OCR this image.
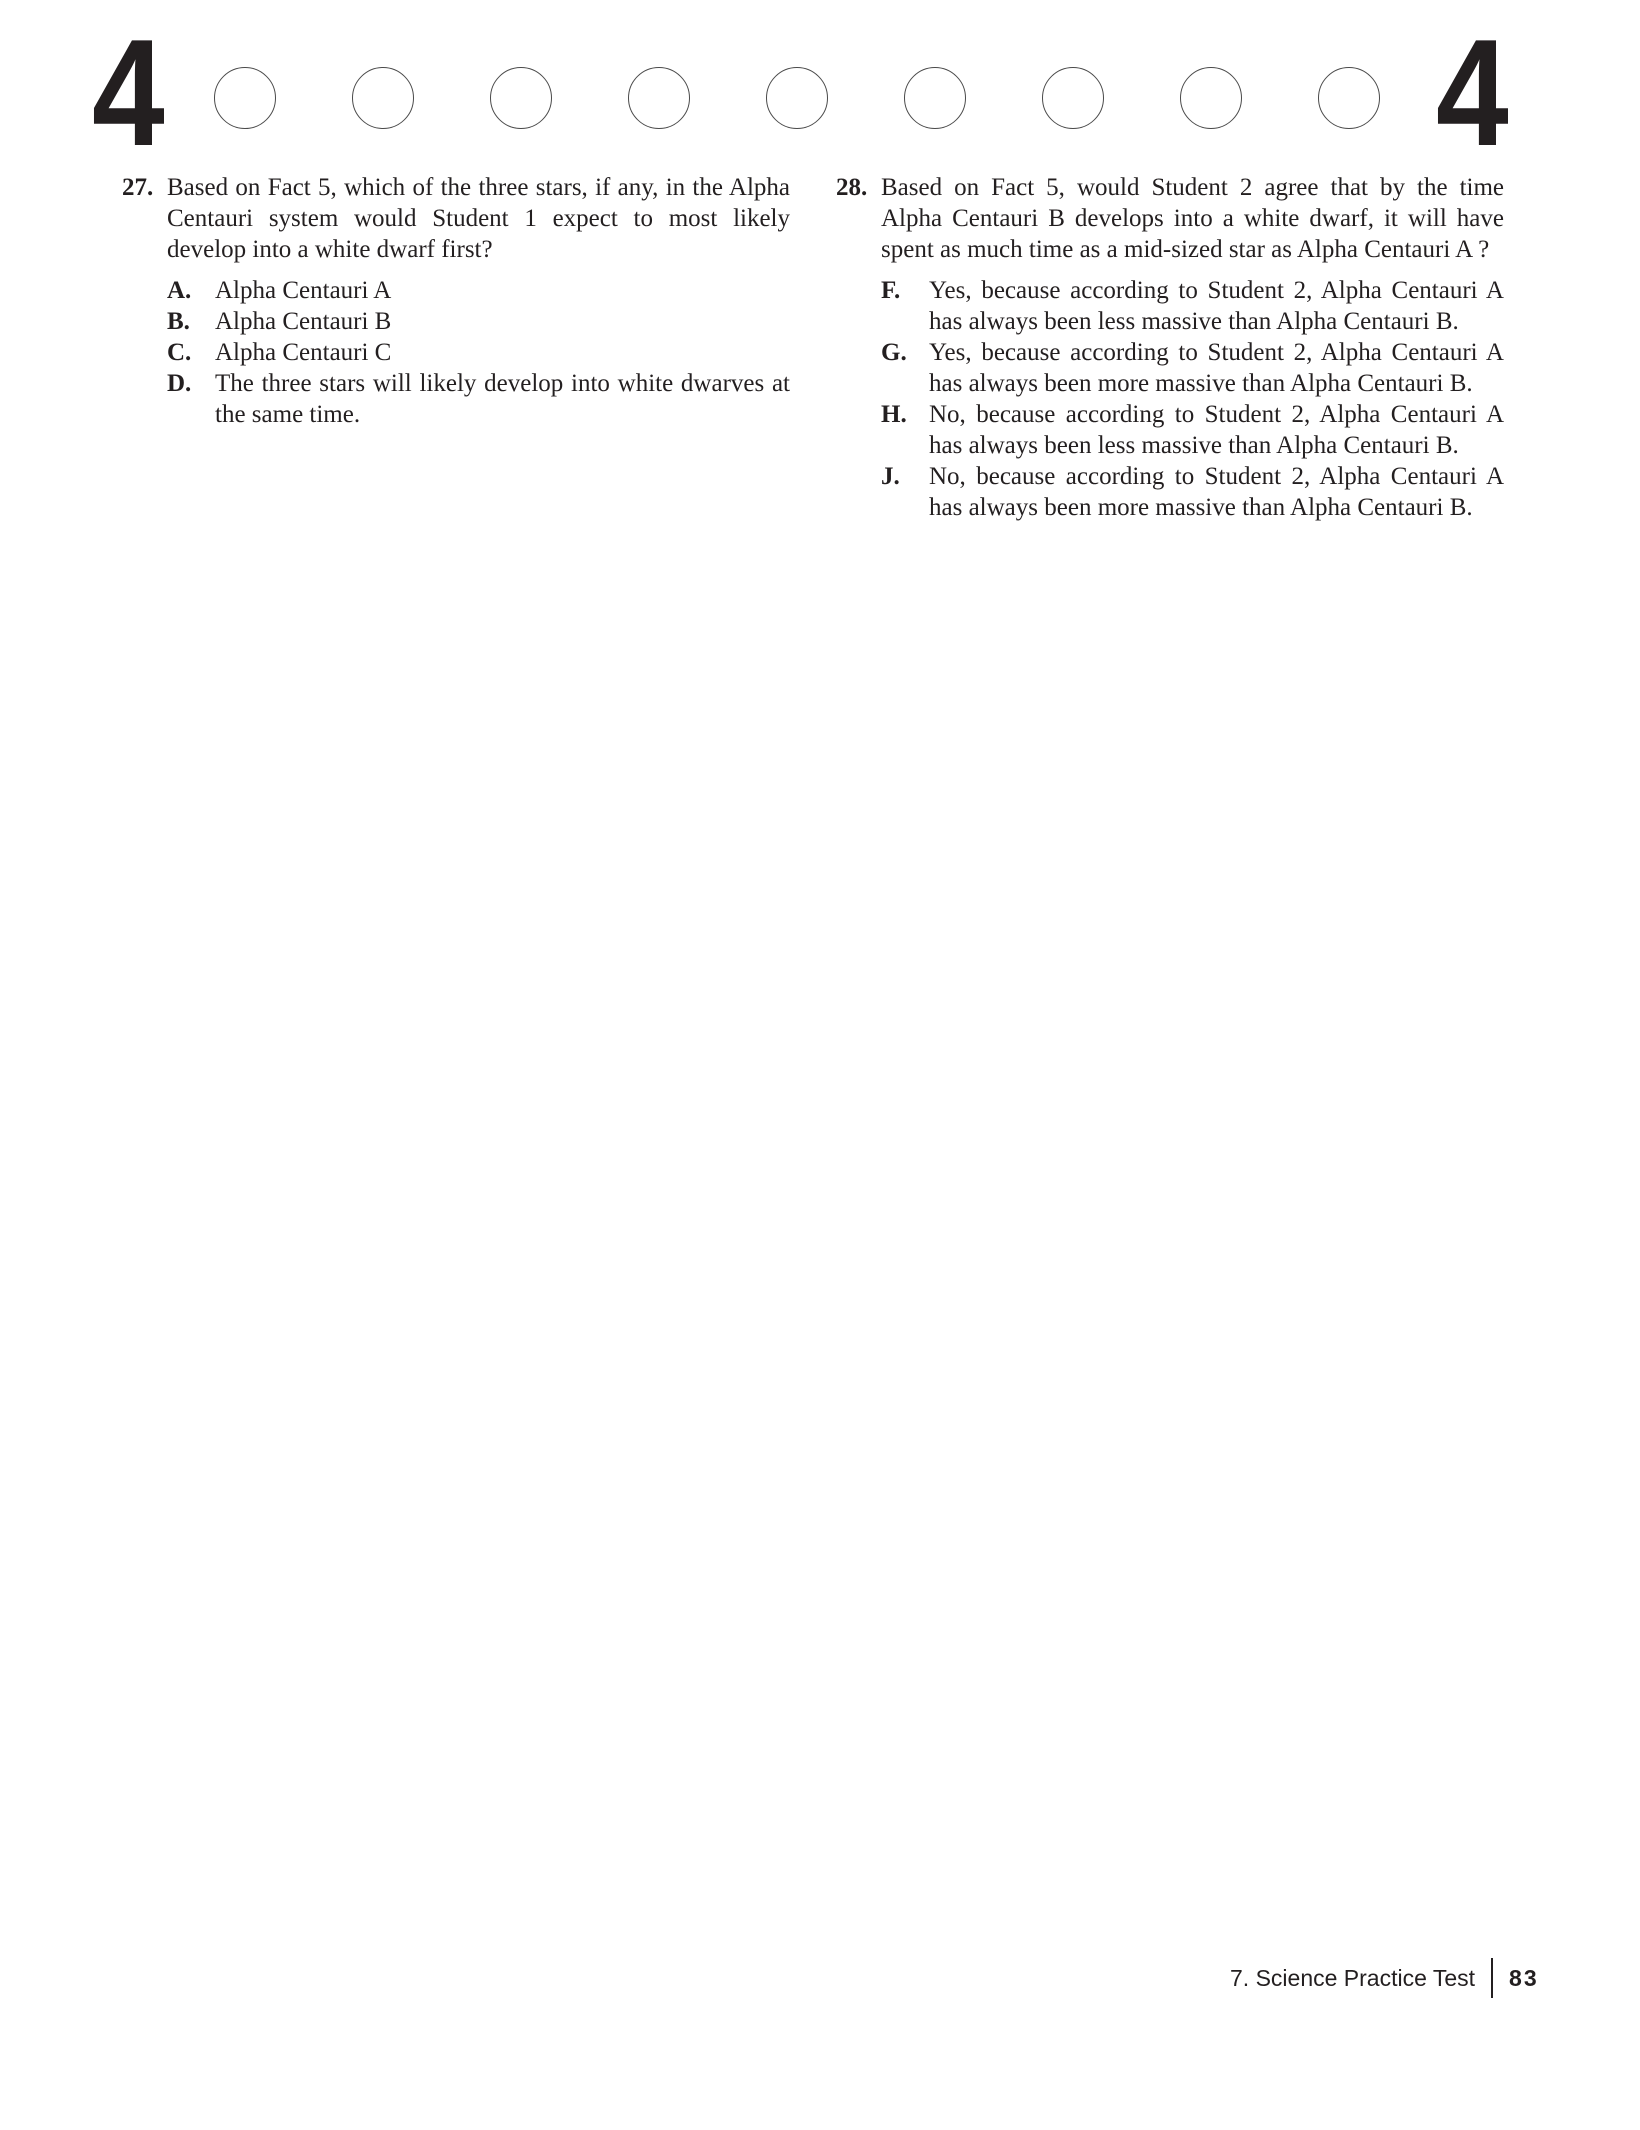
4	4
27. Based on Fact 5, which of the three stars, if any, in the Alpha Centauri system would Student 1 expect to most likely develop into a white dwarf first?
A. Alpha Centauri A
B.	Alpha Centauri B
C. Alpha Centauri C
D. The three stars will likely develop into white dwarves at the same time.
28. Based on Fact 5, would Student 2 agree that by the time Alpha Centauri B develops into a white dwarf, it will have spent as much time as a mid-sized star as Alpha Centauri A ?
F.	Yes, because according to Student 2, Alpha Centauri A has always been less massive than Alpha Centauri B.
G. Yes, because according to Student 2, Alpha Centauri A has always been more massive than Alpha Centauri B.
H. No, because according to Student 2, Alpha Centauri A has always been less massive than Alpha Centauri B.
J.	No, because according to Student 2, Alpha Centauri A has always been more massive than Alpha Centauri B.
7. Science Practice Test	83
